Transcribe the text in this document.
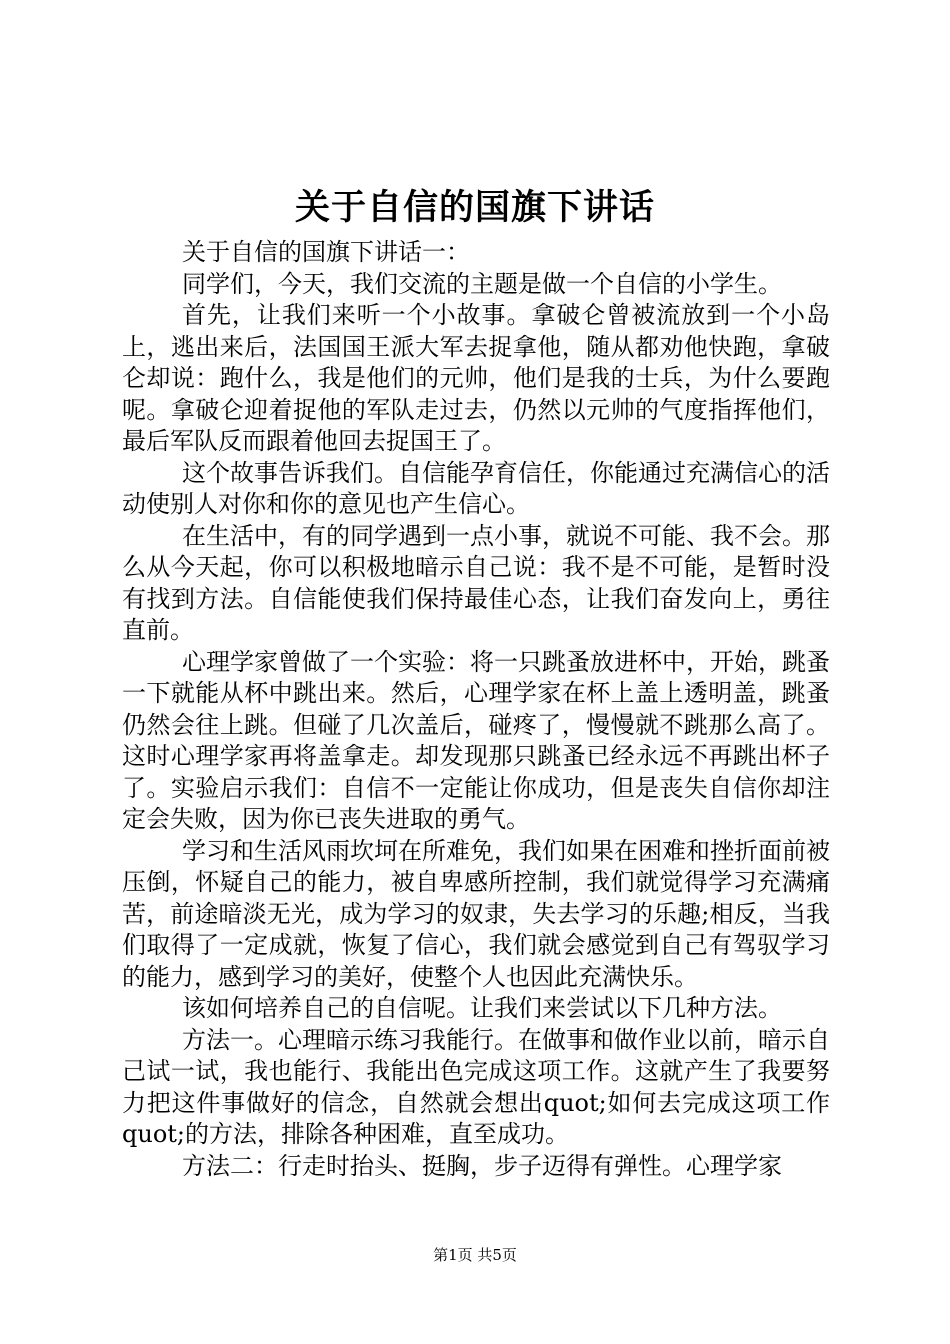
关于自信的国旗下讲话

关于自信的国旗下讲话一：

同学们，今天，我们交流的主题是做一个自信的小学生。

首先，让我们来听一个小故事。拿破仑曾被流放到一个小岛上，逃出来后，法国国王派大军去捉拿他，随从都劝他快跑，拿破仑却说：跑什么，我是他们的元帅，他们是我的士兵，为什么要跑呢。拿破仑迎着捉他的军队走过去，仍然以元帅的气度指挥他们，最后军队反而跟着他回去捉国王了。

这个故事告诉我们。自信能孕育信任，你能通过充满信心的活动使别人对你和你的意见也产生信心。

在生活中，有的同学遇到一点小事，就说不可能、我不会。那么从今天起，你可以积极地暗示自己说：我不是不可能，是暂时没有找到方法。自信能使我们保持最佳心态，让我们奋发向上，勇往直前。

心理学家曾做了一个实验：将一只跳蚤放进杯中，开始，跳蚤一下就能从杯中跳出来。然后，心理学家在杯上盖上透明盖，跳蚤仍然会往上跳。但碰了几次盖后，碰疼了，慢慢就不跳那么高了。这时心理学家再将盖拿走。却发现那只跳蚤已经永远不再跳出杯子了。实验启示我们：自信不一定能让你成功，但是丧失自信你却注定会失败，因为你已丧失进取的勇气。

学习和生活风雨坎坷在所难免，我们如果在困难和挫折面前被压倒，怀疑自己的能力，被自卑感所控制，我们就觉得学习充满痛苦，前途暗淡无光，成为学习的奴隶，失去学习的乐趣;相反，当我们取得了一定成就，恢复了信心，我们就会感觉到自己有驾驭学习的能力，感到学习的美好，使整个人也因此充满快乐。

该如何培养自己的自信呢。让我们来尝试以下几种方法。

方法一。心理暗示练习我能行。在做事和做作业以前，暗示自己试一试，我也能行、我能出色完成这项工作。这就产生了我要努力把这件事做好的信念，自然就会想出quot;如何去完成这项工作quot;的方法，排除各种困难，直至成功。

方法二：行走时抬头、挺胸，步子迈得有弹性。心理学家

第1页 共5页
